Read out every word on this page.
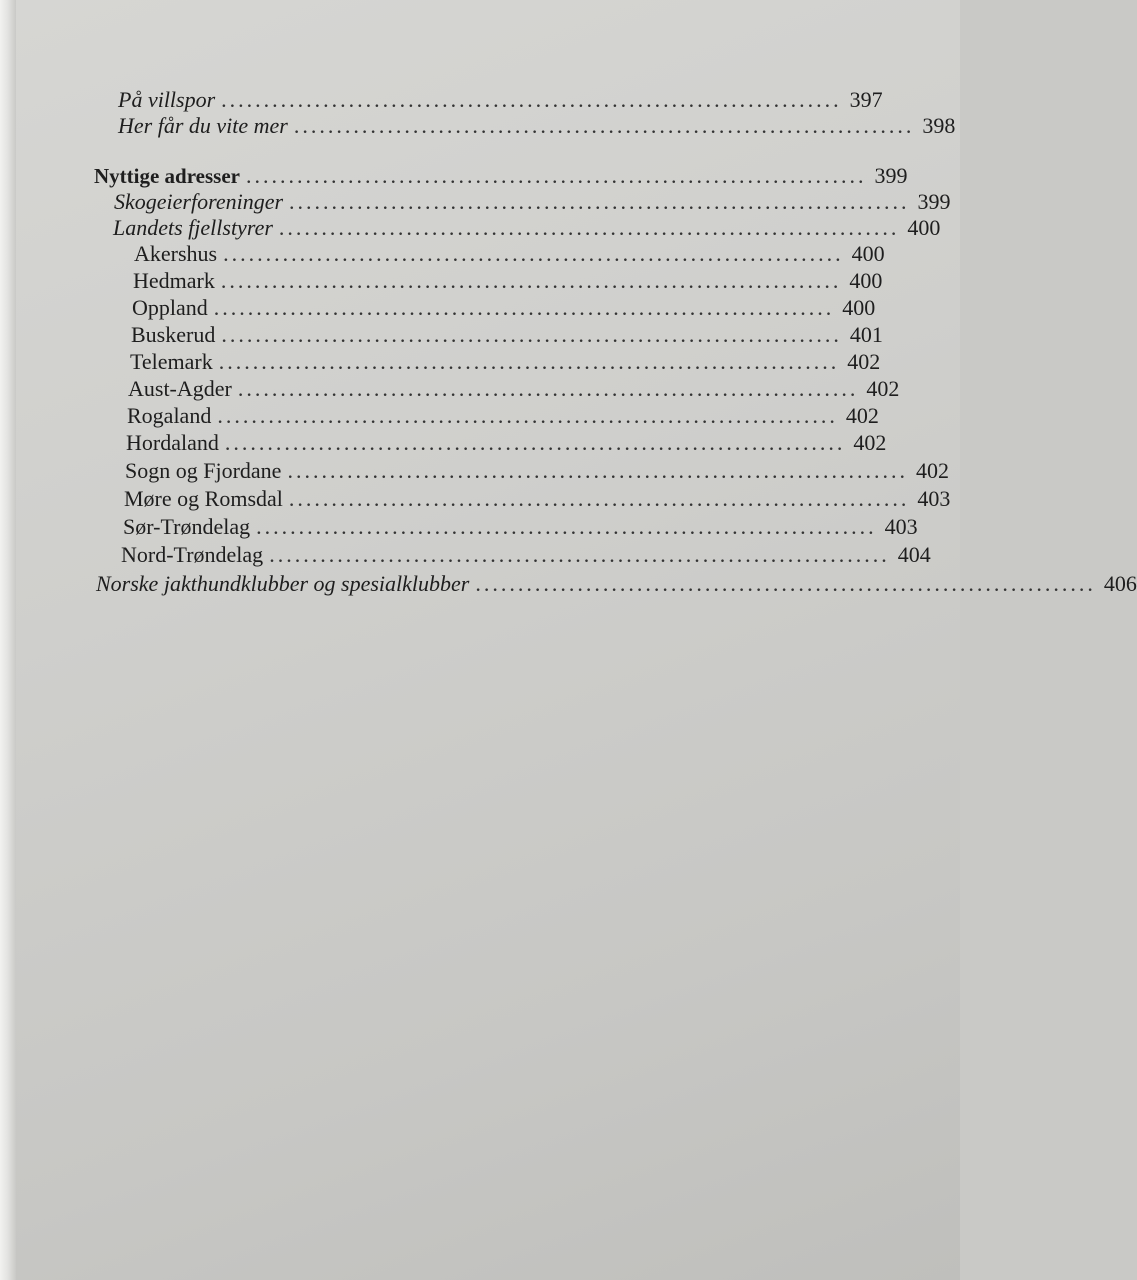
På villspor ......................................................................... 397
Her får du vite mer ......................................................................... 398
Nyttige adresser ......................................................................... 399
Skogeierforeninger ......................................................................... 399
Landets fjellstyrer ......................................................................... 400
Akershus ......................................................................... 400
Hedmark ......................................................................... 400
Oppland ......................................................................... 400
Buskerud ......................................................................... 401
Telemark ......................................................................... 402
Aust-Agder ......................................................................... 402
Rogaland ......................................................................... 402
Hordaland ......................................................................... 402
Sogn og Fjordane ......................................................................... 402
Møre og Romsdal ......................................................................... 403
Sør-Trøndelag ......................................................................... 403
Nord-Trøndelag ......................................................................... 404
Norske jakthundklubber og spesialklubber ......................................................................... 406
